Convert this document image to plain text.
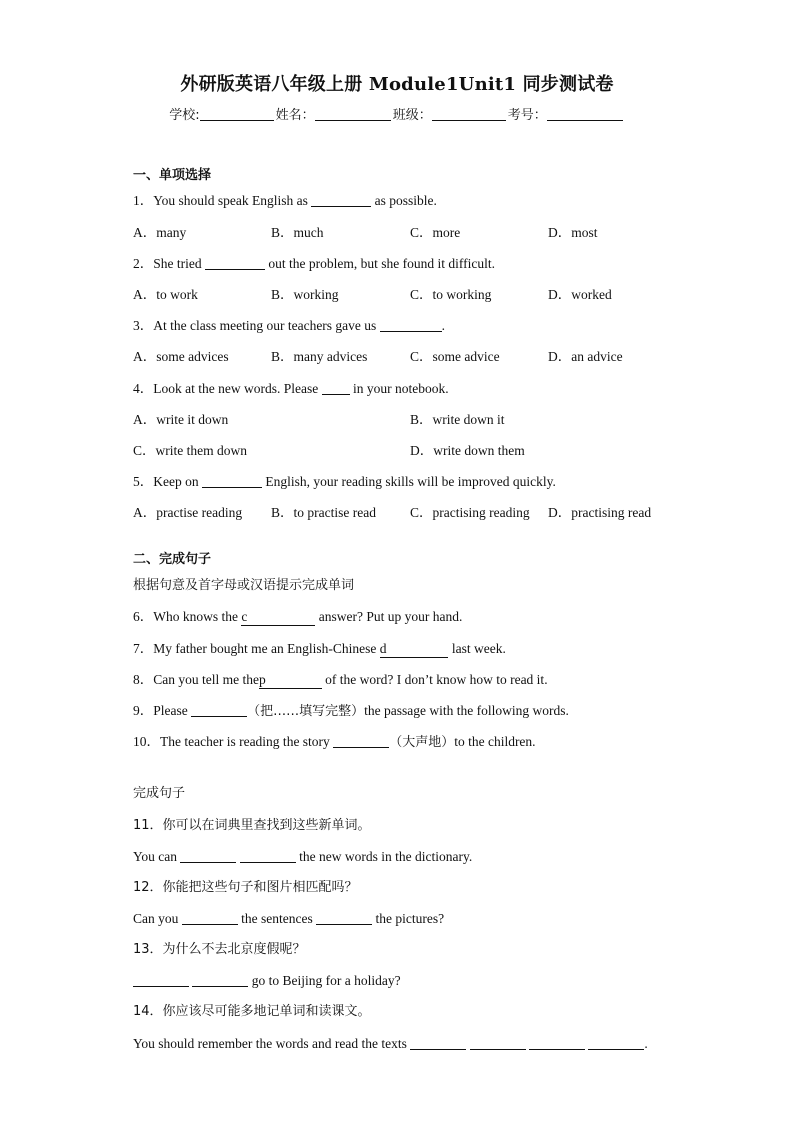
外研版英语八年级上册 Module1Unit1 同步测试卷
学校:	姓名：	班级：	考号：
一、单项选择
1．You should speak English as	as possible.
A．many	B．much	C．more	D．most
2．She tried	out the problem, but she found it difficult.
A．to work	B．working	C．to working	D．worked
3．At the class meeting our teachers gave us	.
A．some advices	B．many advices	C．some advice	D．an advice
4．Look at the new words. Please	in your notebook.
A．write it down	B．write down it
C．write them down	D．write down them
5．Keep on	English, your reading skills will be improved quickly.
A．practise reading B．to practise read	C．practising reading D．practising read
二、完成句子
根据句意及首字母或汉语提示完成单词
6．Who knows the c	answer? Put up your hand.
7．My father bought me an English-Chinese d	last week.
8．Can you tell me thep	of the word? I don’t know how to read it.
9．Please	（把……填写完整）the passage with the following words.
10．The teacher is reading the story	（大声地）to the children.
完成句子
11．你可以在词典里查找到这些新单词。
You can	the new words in the dictionary.
12．你能把这些句子和图片相匹配吗？
Can you	the sentences	the pictures?
13．为什么不去北京度假呢？
go to Beijing for a holiday?
14．你应该尽可能多地记单词和读课文。
You should remember the words and read the texts	.
